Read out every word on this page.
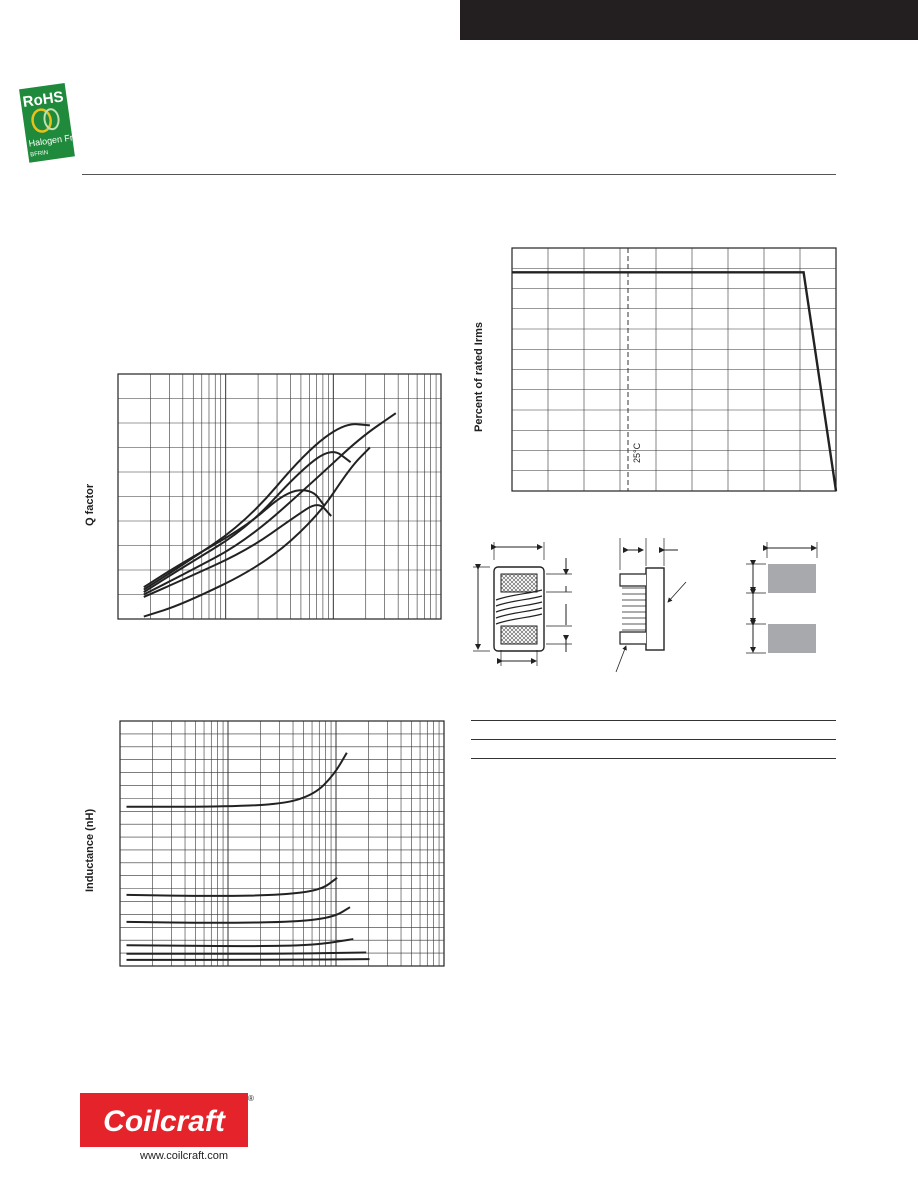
RoHS
Halogen Free
BFRIN
Q factor
Inductance (nH)
Percent of rated Irms
25°C
Coilcraft
®
www.coilcraft.com
